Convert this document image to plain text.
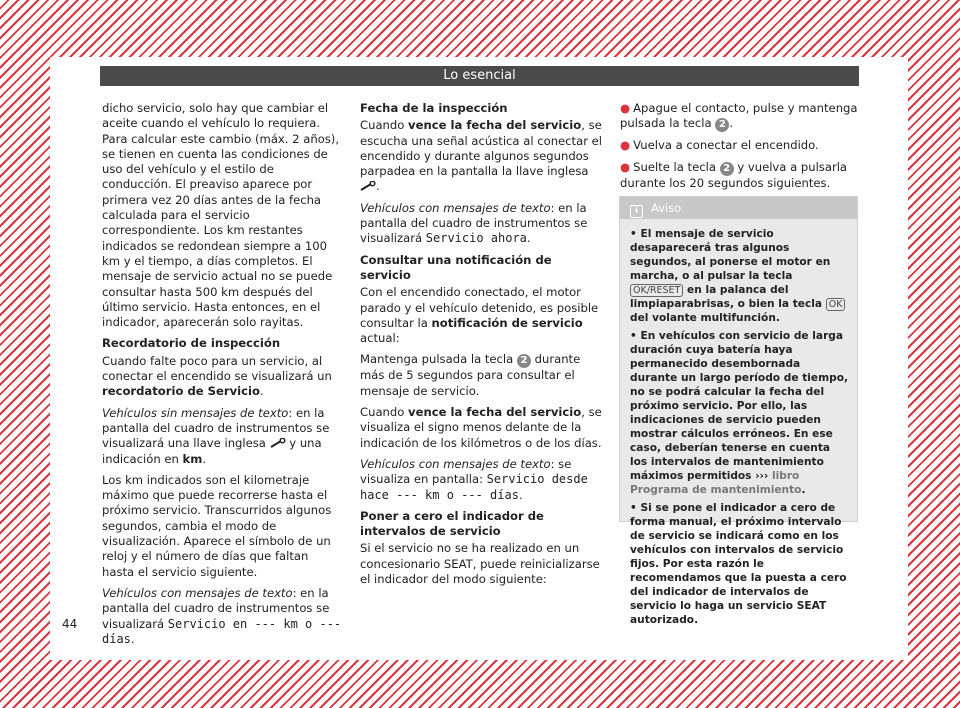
Lo esencial

dicho servicio, solo hay que cambiar el aceite cuando el vehículo lo requiera. Para calcular este cambio (máx. 2 años), se tienen en cuenta las condiciones de uso del vehículo y el estilo de conducción. El preaviso aparece por primera vez 20 días antes de la fecha calculada para el servicio correspondiente. Los km restantes indicados se redondean siempre a 100 km y el tiempo, a días completos. El mensaje de servicio actual no se puede consultar hasta 500 km después del último servicio. Hasta entonces, en el indicador, aparecerán solo rayitas.

Recordatorio de inspección

Cuando falte poco para un servicio, al conectar el encendido se visualizará un recordatorio de Servicio.

Vehículos sin mensajes de texto: en la pantalla del cuadro de instrumentos se visualizará una llave inglesa  y una indicación en km.

Los km indicados son el kilometraje máximo que puede recorrerse hasta el próximo servicio. Transcurridos algunos segundos, cambia el modo de visualización. Aparece el símbolo de un reloj y el número de días que faltan hasta el servicio siguiente.

Vehículos con mensajes de texto: en la pantalla del cuadro de instrumentos se visualizará Servicio en --- km o --- días.

Fecha de la inspección

Cuando vence la fecha del servicio, se escucha una señal acústica al conectar el encendido y durante algunos segundos parpadea en la pantalla la llave inglesa .

Vehículos con mensajes de texto: en la pantalla del cuadro de instrumentos se visualizará Servicio ahora.

Consultar una notificación de servicio

Con el encendido conectado, el motor parado y el vehículo detenido, es posible consultar la notificación de servicio actual:

Mantenga pulsada la tecla 2 durante más de 5 segundos para consultar el mensaje de servicio.

Cuando vence la fecha del servicio, se visualiza el signo menos delante de la indicación de los kilómetros o de los días.

Vehículos con mensajes de texto: se visualiza en pantalla: Servicio desde hace --- km o --- días.

Poner a cero el indicador de intervalos de servicio

Si el servicio no se ha realizado en un concesionario SEAT, puede reinicializarse el indicador del modo siguiente:

● Apague el contacto, pulse y mantenga pulsada la tecla 2 .

● Vuelva a conectar el encendido.

● Suelte la tecla 2 y vuelva a pulsarla durante los 20 segundos siguientes.

i Aviso

• El mensaje de servicio desaparecerá tras algunos segundos, al ponerse el motor en marcha, o al pulsar la tecla OK/RESET en la palanca del limpiaparabrisas, o bien la tecla OK del volante multifunción.

• En vehículos con servicio de larga duración cuya batería haya permanecido desembornada durante un largo período de tiempo, no se podrá calcular la fecha del próximo servicio. Por ello, las indicaciones de servicio pueden mostrar cálculos erróneos. En ese caso, deberían tenerse en cuenta los intervalos de mantenimiento máximos permitidos ››› libro Programa de mantenimiento.

• Si se pone el indicador a cero de forma manual, el próximo intervalo de servicio se indicará como en los vehículos con intervalos de servicio fijos. Por esta razón le recomendamos que la puesta a cero del indicador de intervalos de servicio lo haga un servicio SEAT autorizado.

44
